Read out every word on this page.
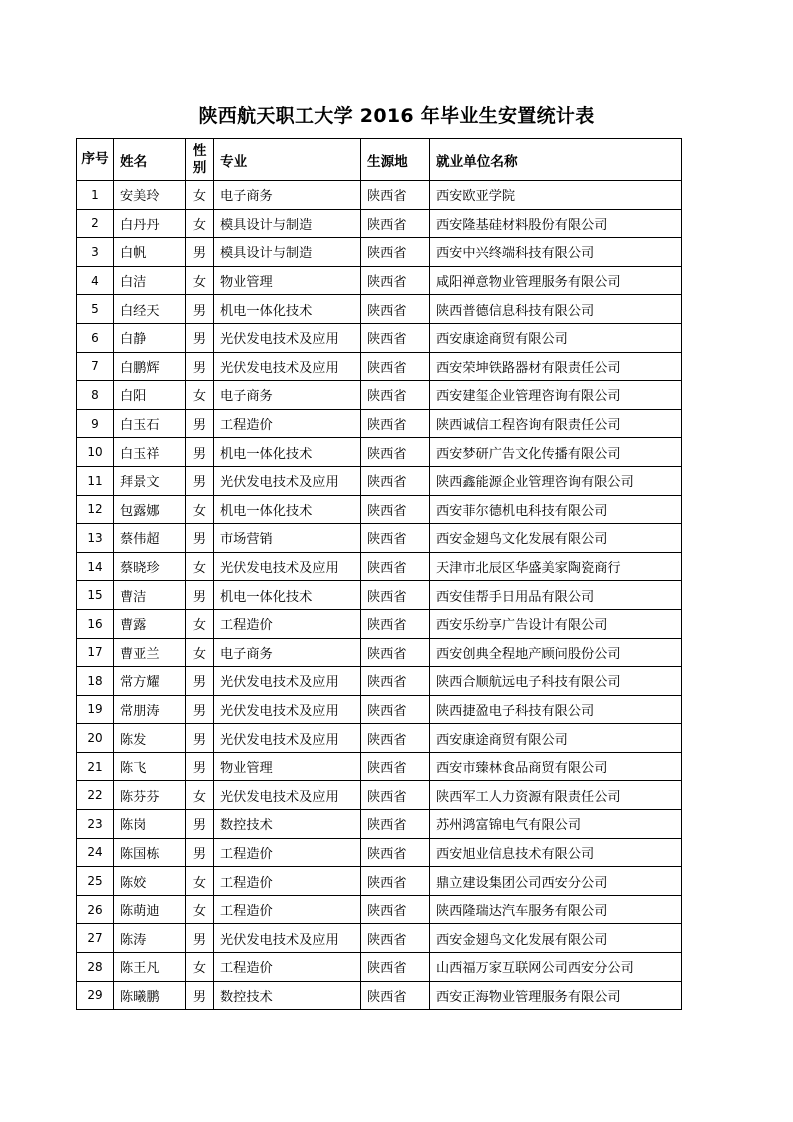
陕西航天职工大学 2016 年毕业生安置统计表
序号	姓名	性别	专业	生源地	就业单位名称
1	安美玲	女	电子商务	陕西省	西安欧亚学院
2	白丹丹	女	模具设计与制造	陕西省	西安隆基硅材料股份有限公司
3	白帆	男	模具设计与制造	陕西省	西安中兴终端科技有限公司
4	白洁	女	物业管理	陕西省	咸阳禅意物业管理服务有限公司
5	白经天	男	机电一体化技术	陕西省	陕西普德信息科技有限公司
6	白静	男	光伏发电技术及应用	陕西省	西安康途商贸有限公司
7	白鹏辉	男	光伏发电技术及应用	陕西省	西安荣坤铁路器材有限责任公司
8	白阳	女	电子商务	陕西省	西安建玺企业管理咨询有限公司
9	白玉石	男	工程造价	陕西省	陕西诚信工程咨询有限责任公司
10	白玉祥	男	机电一体化技术	陕西省	西安梦研广告文化传播有限公司
11	拜景文	男	光伏发电技术及应用	陕西省	陕西鑫能源企业管理咨询有限公司
12	包露娜	女	机电一体化技术	陕西省	西安菲尔德机电科技有限公司
13	蔡伟超	男	市场营销	陕西省	西安金翅鸟文化发展有限公司
14	蔡晓珍	女	光伏发电技术及应用	陕西省	天津市北辰区华盛美家陶瓷商行
15	曹洁	男	机电一体化技术	陕西省	西安佳帮手日用品有限公司
16	曹露	女	工程造价	陕西省	西安乐纷享广告设计有限公司
17	曹亚兰	女	电子商务	陕西省	西安创典全程地产顾问股份公司
18	常方耀	男	光伏发电技术及应用	陕西省	陕西合顺航远电子科技有限公司
19	常朋涛	男	光伏发电技术及应用	陕西省	陕西捷盈电子科技有限公司
20	陈发	男	光伏发电技术及应用	陕西省	西安康途商贸有限公司
21	陈飞	男	物业管理	陕西省	西安市臻林食品商贸有限公司
22	陈芬芬	女	光伏发电技术及应用	陕西省	陕西军工人力资源有限责任公司
23	陈岗	男	数控技术	陕西省	苏州鸿富锦电气有限公司
24	陈国栋	男	工程造价	陕西省	西安旭业信息技术有限公司
25	陈姣	女	工程造价	陕西省	鼎立建设集团公司西安分公司
26	陈萌迪	女	工程造价	陕西省	陕西隆瑞达汽车服务有限公司
27	陈涛	男	光伏发电技术及应用	陕西省	西安金翅鸟文化发展有限公司
28	陈王凡	女	工程造价	陕西省	山西福万家互联网公司西安分公司
29	陈曦鹏	男	数控技术	陕西省	西安正海物业管理服务有限公司
